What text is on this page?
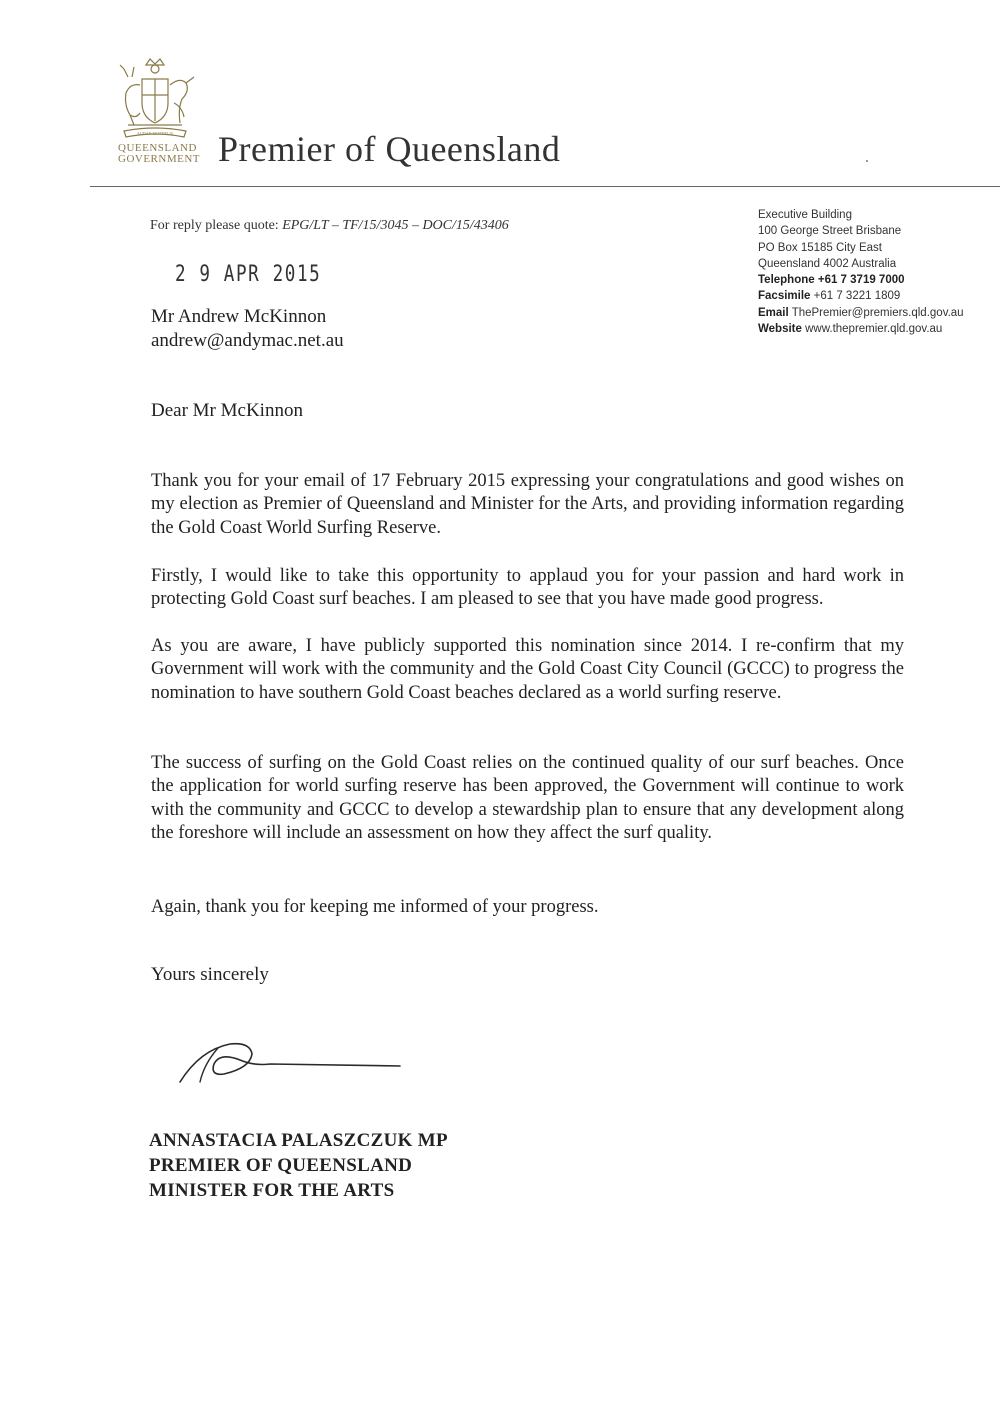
AUDAX AT FIDELIS
QUEENSLAND
GOVERNMENT Premier of Queensland
For reply please quote: EPG/LT – TF/15/3045 – DOC/15/43406
2 9 APR 2015
Executive Building
100 George Street Brisbane
PO Box 15185 City East
Queensland 4002 Australia
Telephone +61 7 3719 7000
Facsimile +61 7 3221 1809
Email ThePremier@premiers.qld.gov.au
Website www.thepremier.qld.gov.au
Mr Andrew McKinnon
andrew@andymac.net.au
Dear Mr McKinnon
Thank you for your email of 17 February 2015 expressing your congratulations and good wishes on my election as Premier of Queensland and Minister for the Arts, and providing information regarding the Gold Coast World Surfing Reserve.
Firstly, I would like to take this opportunity to applaud you for your passion and hard work in protecting Gold Coast surf beaches. I am pleased to see that you have made good progress.
As you are aware, I have publicly supported this nomination since 2014. I re-confirm that my Government will work with the community and the Gold Coast City Council (GCCC) to progress the nomination to have southern Gold Coast beaches declared as a world surfing reserve.
The success of surfing on the Gold Coast relies on the continued quality of our surf beaches. Once the application for world surfing reserve has been approved, the Government will continue to work with the community and GCCC to develop a stewardship plan to ensure that any development along the foreshore will include an assessment on how they affect the surf quality.
Again, thank you for keeping me informed of your progress.
Yours sincerely
ANNASTACIA PALASZCZUK MP
PREMIER OF QUEENSLAND
MINISTER FOR THE ARTS
